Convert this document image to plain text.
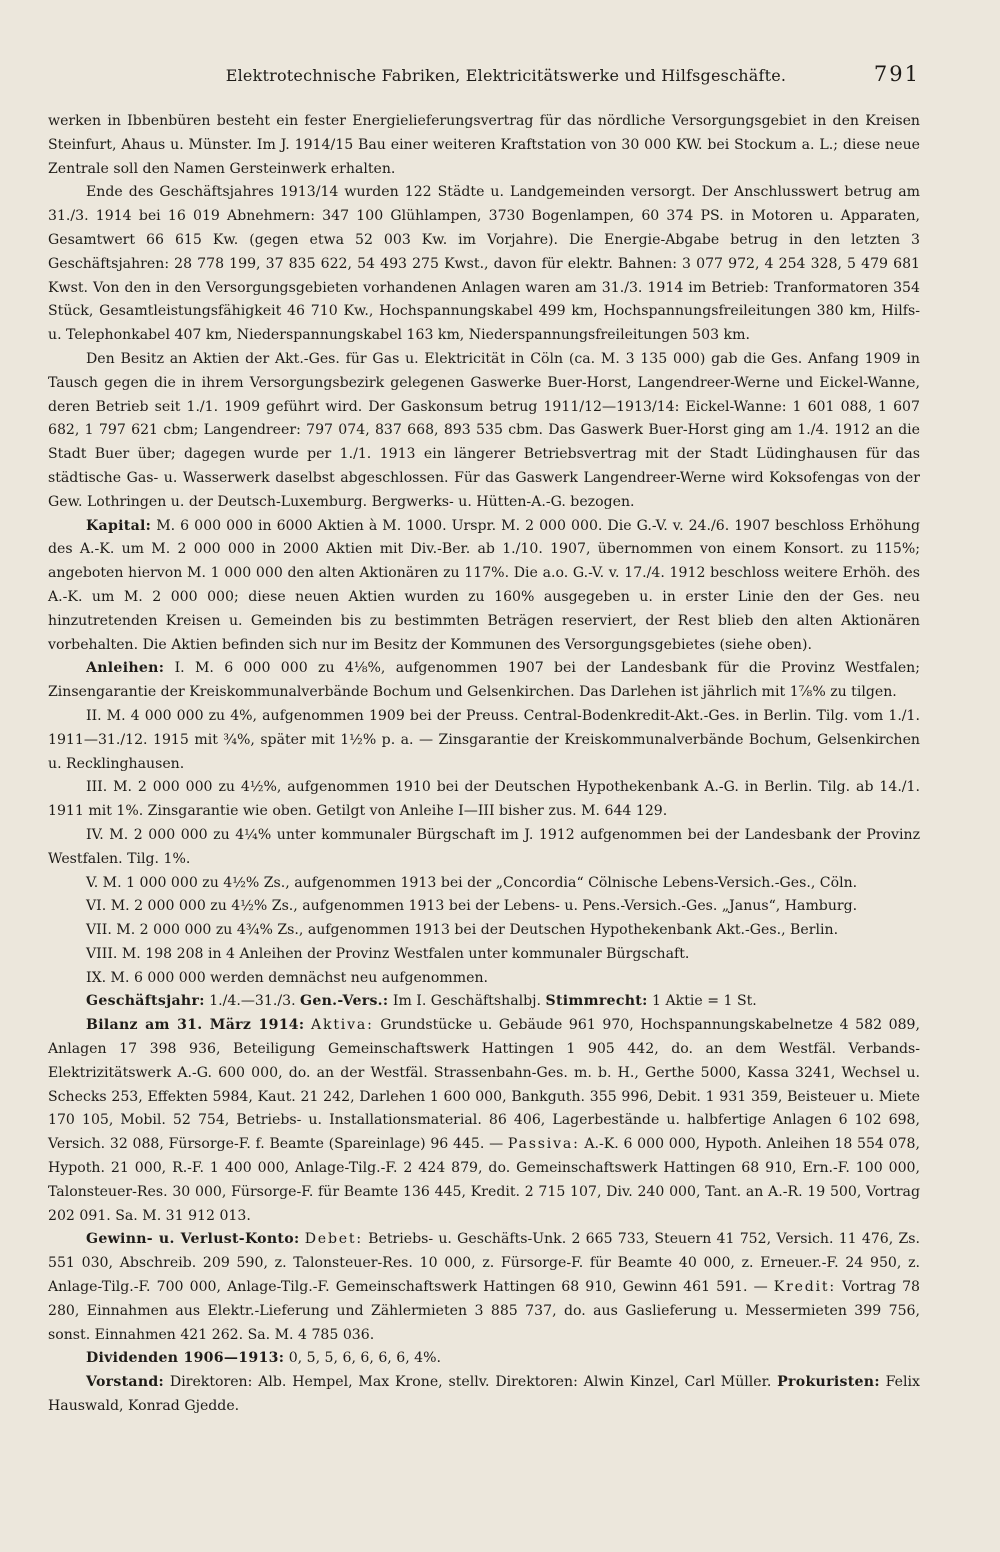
Elektrotechnische Fabriken, Elektricitätswerke und Hilfsgeschäfte.	791

werken in Ibbenbüren besteht ein fester Energielieferungsvertrag für das nördliche Versorgungsgebiet in den Kreisen Steinfurt, Ahaus u. Münster. Im J. 1914/15 Bau einer weiteren Kraftstation von 30 000 KW. bei Stockum a. L.; diese neue Zentrale soll den Namen Gersteinwerk erhalten.

Ende des Geschäftsjahres 1913/14 wurden 122 Städte u. Landgemeinden versorgt. Der Anschlusswert betrug am 31./3. 1914 bei 16 019 Abnehmern: 347 100 Glühlampen, 3730 Bogenlampen, 60 374 PS. in Motoren u. Apparaten, Gesamtwert 66 615 Kw. (gegen etwa 52 003 Kw. im Vorjahre). Die Energie-Abgabe betrug in den letzten 3 Geschäftsjahren: 28 778 199, 37 835 622, 54 493 275 Kwst., davon für elektr. Bahnen: 3 077 972, 4 254 328, 5 479 681 Kwst. Von den in den Versorgungsgebieten vorhandenen Anlagen waren am 31./3. 1914 im Betrieb: Tranformatoren 354 Stück, Gesamtleistungsfähigkeit 46 710 Kw., Hochspannungskabel 499 km, Hochspannungsfreileitungen 380 km, Hilfs- u. Telephonkabel 407 km, Niederspannungskabel 163 km, Niederspannungsfreileitungen 503 km.

Den Besitz an Aktien der Akt.-Ges. für Gas u. Elektricität in Cöln (ca. M. 3 135 000) gab die Ges. Anfang 1909 in Tausch gegen die in ihrem Versorgungsbezirk gelegenen Gaswerke Buer-Horst, Langendreer-Werne und Eickel-Wanne, deren Betrieb seit 1./1. 1909 geführt wird. Der Gaskonsum betrug 1911/12—1913/14: Eickel-Wanne: 1 601 088, 1 607 682, 1 797 621 cbm; Langendreer: 797 074, 837 668, 893 535 cbm. Das Gaswerk Buer-Horst ging am 1./4. 1912 an die Stadt Buer über; dagegen wurde per 1./1. 1913 ein längerer Betriebsvertrag mit der Stadt Lüdinghausen für das städtische Gas- u. Wasserwerk daselbst abgeschlossen. Für das Gaswerk Langendreer-Werne wird Koksofengas von der Gew. Lothringen u. der Deutsch-Luxemburg. Bergwerks- u. Hütten-A.-G. bezogen.

Kapital: M. 6 000 000 in 6000 Aktien à M. 1000. Urspr. M. 2 000 000. Die G.-V. v. 24./6. 1907 beschloss Erhöhung des A.-K. um M. 2 000 000 in 2000 Aktien mit Div.-Ber. ab 1./10. 1907, übernommen von einem Konsort. zu 115%; angeboten hiervon M. 1 000 000 den alten Aktionären zu 117%. Die a.o. G.-V. v. 17./4. 1912 beschloss weitere Erhöh. des A.-K. um M. 2 000 000; diese neuen Aktien wurden zu 160% ausgegeben u. in erster Linie den der Ges. neu hinzutretenden Kreisen u. Gemeinden bis zu bestimmten Beträgen reserviert, der Rest blieb den alten Aktionären vorbehalten. Die Aktien befinden sich nur im Besitz der Kommunen des Versorgungsgebietes (siehe oben).

Anleihen: I. M. 6 000 000 zu 4⅛%, aufgenommen 1907 bei der Landesbank für die Provinz Westfalen; Zinsengarantie der Kreiskommunalverbände Bochum und Gelsenkirchen. Das Darlehen ist jährlich mit 1⅞% zu tilgen.

II. M. 4 000 000 zu 4%, aufgenommen 1909 bei der Preuss. Central-Bodenkredit-Akt.-Ges. in Berlin. Tilg. vom 1./1. 1911—31./12. 1915 mit ¾%, später mit 1½% p. a. — Zinsgarantie der Kreiskommunalverbände Bochum, Gelsenkirchen u. Recklinghausen.

III. M. 2 000 000 zu 4½%, aufgenommen 1910 bei der Deutschen Hypothekenbank A.-G. in Berlin. Tilg. ab 14./1. 1911 mit 1%. Zinsgarantie wie oben. Getilgt von Anleihe I—III bisher zus. M. 644 129.

IV. M. 2 000 000 zu 4¼% unter kommunaler Bürgschaft im J. 1912 aufgenommen bei der Landesbank der Provinz Westfalen. Tilg. 1%.

V. M. 1 000 000 zu 4½% Zs., aufgenommen 1913 bei der „Concordia“ Cölnische Lebens-Versich.-Ges., Cöln.

VI. M. 2 000 000 zu 4½% Zs., aufgenommen 1913 bei der Lebens- u. Pens.-Versich.-Ges. „Janus“, Hamburg.

VII. M. 2 000 000 zu 4¾% Zs., aufgenommen 1913 bei der Deutschen Hypothekenbank Akt.-Ges., Berlin.

VIII. M. 198 208 in 4 Anleihen der Provinz Westfalen unter kommunaler Bürgschaft.

IX. M. 6 000 000 werden demnächst neu aufgenommen.

Geschäftsjahr: 1./4.—31./3. Gen.-Vers.: Im I. Geschäftshalbj. Stimmrecht: 1 Aktie = 1 St.

Bilanz am 31. März 1914: Aktiva: Grundstücke u. Gebäude 961 970, Hochspannungskabelnetze 4 582 089, Anlagen 17 398 936, Beteiligung Gemeinschaftswerk Hattingen 1 905 442, do. an dem Westfäl. Verbands-Elektrizitätswerk A.-G. 600 000, do. an der Westfäl. Strassenbahn-Ges. m. b. H., Gerthe 5000, Kassa 3241, Wechsel u. Schecks 253, Effekten 5984, Kaut. 21 242, Darlehen 1 600 000, Bankguth. 355 996, Debit. 1 931 359, Beisteuer u. Miete 170 105, Mobil. 52 754, Betriebs- u. Installationsmaterial. 86 406, Lagerbestände u. halbfertige Anlagen 6 102 698, Versich. 32 088, Fürsorge-F. f. Beamte (Spareinlage) 96 445. — Passiva: A.-K. 6 000 000, Hypoth. Anleihen 18 554 078, Hypoth. 21 000, R.-F. 1 400 000, Anlage-Tilg.-F. 2 424 879, do. Gemeinschaftswerk Hattingen 68 910, Ern.-F. 100 000, Talonsteuer-Res. 30 000, Fürsorge-F. für Beamte 136 445, Kredit. 2 715 107, Div. 240 000, Tant. an A.-R. 19 500, Vortrag 202 091. Sa. M. 31 912 013.

Gewinn- u. Verlust-Konto: Debet: Betriebs- u. Geschäfts-Unk. 2 665 733, Steuern 41 752, Versich. 11 476, Zs. 551 030, Abschreib. 209 590, z. Talonsteuer-Res. 10 000, z. Fürsorge-F. für Beamte 40 000, z. Erneuer.-F. 24 950, z. Anlage-Tilg.-F. 700 000, Anlage-Tilg.-F. Gemeinschaftswerk Hattingen 68 910, Gewinn 461 591. — Kredit: Vortrag 78 280, Einnahmen aus Elektr.-Lieferung und Zählermieten 3 885 737, do. aus Gaslieferung u. Messermieten 399 756, sonst. Einnahmen 421 262. Sa. M. 4 785 036.

Dividenden 1906—1913: 0, 5, 5, 6, 6, 6, 6, 4%.

Vorstand: Direktoren: Alb. Hempel, Max Krone, stellv. Direktoren: Alwin Kinzel, Carl Müller. Prokuristen: Felix Hauswald, Konrad Gjedde.
